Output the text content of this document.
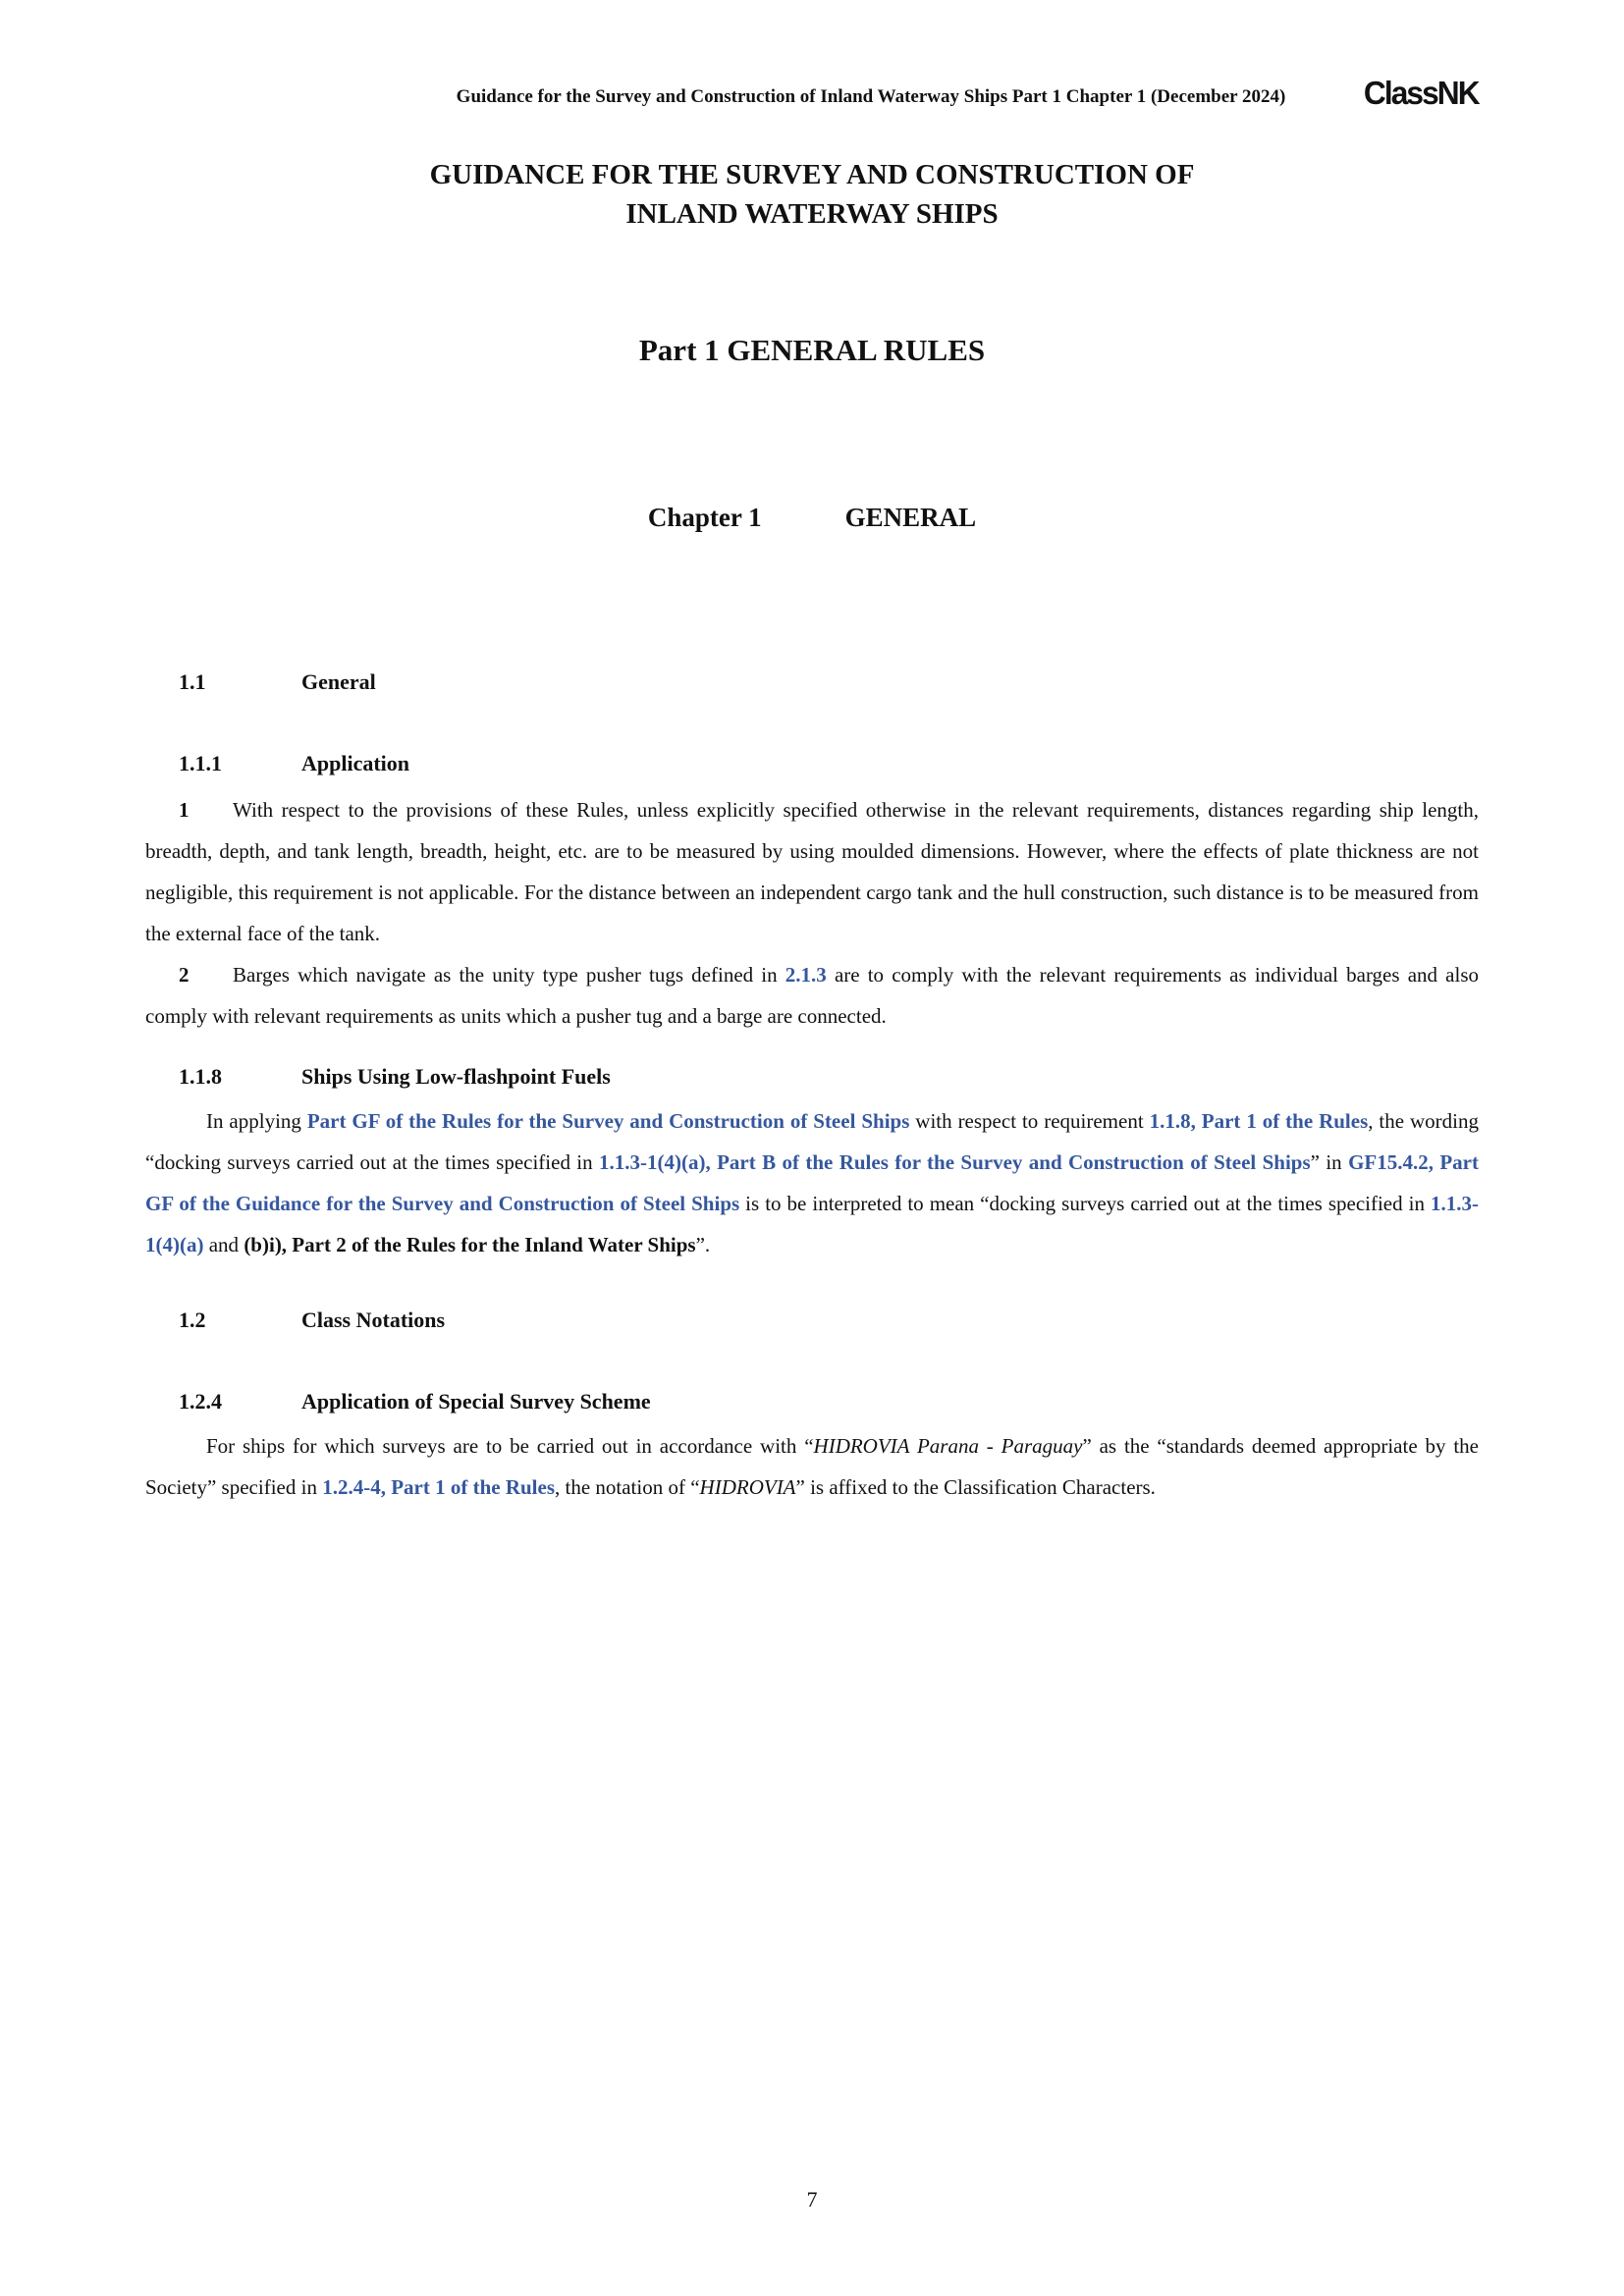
Guidance for the Survey and Construction of Inland Waterway Ships Part 1 Chapter 1 (December 2024) ClassNK
GUIDANCE FOR THE SURVEY AND CONSTRUCTION OF
INLAND WATERWAY SHIPS
Part 1 GENERAL RULES
Chapter 1	GENERAL
1.1	General
1.1.1	Application

1 With respect to the provisions of these Rules, unless explicitly specified otherwise in the relevant requirements, distances regarding ship length, breadth, depth, and tank length, breadth, height, etc. are to be measured by using moulded dimensions. However, where the effects of plate thickness are not negligible, this requirement is not applicable. For the distance between an independent cargo tank and the hull construction, such distance is to be measured from the external face of the tank.

2 Barges which navigate as the unity type pusher tugs defined in 2.1.3 are to comply with the relevant requirements as individual barges and also comply with relevant requirements as units which a pusher tug and a barge are connected.

1.1.8	Ships Using Low-flashpoint Fuels

In applying Part GF of the Rules for the Survey and Construction of Steel Ships with respect to requirement 1.1.8, Part 1 of the Rules, the wording “docking surveys carried out at the times specified in 1.1.3-1(4)(a), Part B of the Rules for the Survey and Construction of Steel Ships” in GF15.4.2, Part GF of the Guidance for the Survey and Construction of Steel Ships is to be interpreted to mean “docking surveys carried out at the times specified in 1.1.3-1(4)(a) and (b)i), Part 2 of the Rules for the Inland Water Ships”.

1.2	Class Notations
1.2.4	Application of Special Survey Scheme

For ships for which surveys are to be carried out in accordance with “HIDROVIA Parana - Paraguay” as the “standards deemed appropriate by the Society” specified in 1.2.4-4, Part 1 of the Rules, the notation of “HIDROVIA” is affixed to the Classification Characters.

7
